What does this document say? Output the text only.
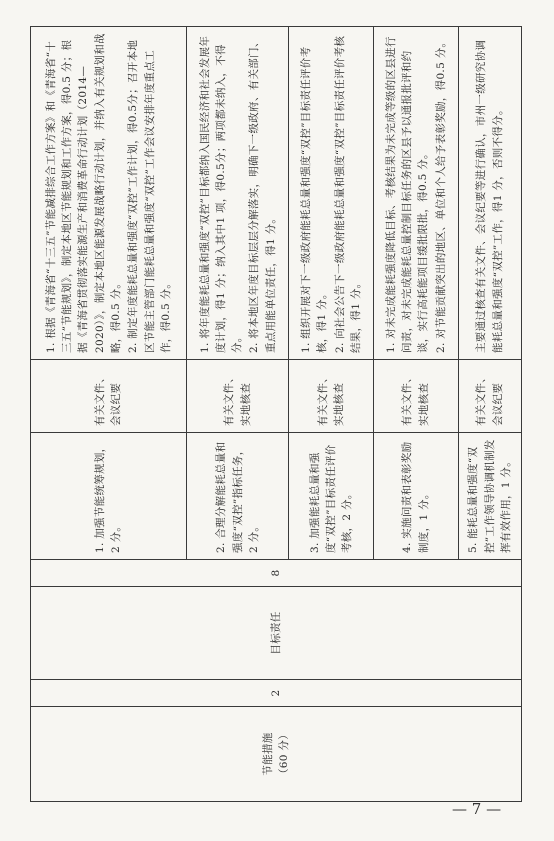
节能措施 （60 分）	2	目标责任	8	1. 加强节能统筹规划，2 分。	有关文件、会议纪要	1. 根据《青海省“十三五”节能减排综合工作方案》和《青海省“十三五”节能规划》，制定本地区节能规划和工作方案，得0.5 分；根据《青海省贯彻落实能源生产和消费革命行动计划（2014—2020）》，制定本地区能源发展战略行动计划，并纳入有关规划和战略，得0.5 分。 2. 制定年度能耗总量和强度“双控”工作计划，得0.5分；召开本地区节能主管部门能耗总量和强度“双控”工作会议安排年度重点工作，得0.5 分。

				2. 合理分解能耗总量和强度“双控”指标任务，2 分。	有关文件、实地核查	1. 将年度能耗总量和强度“双控”目标都纳入国民经济和社会发展年度计划，得1 分；纳入其中1 项，得0.5分；两项都未纳入，不得分。 2. 将本地区年度目标层层分解落实，明确下一级政府、有关部门、重点用能单位责任，得1 分。

				3. 加强能耗总量和强度“双控”目标责任评价考核，2 分。	有关文件、实地核查	1. 组织开展对下一级政府能耗总量和强度“双控”目标责任评价考核，得1 分。 2. 向社会公告下一级政府能耗总量和强度“双控”目标责任评价考核结果，得1 分。

				4. 实施问责和表彰奖励制度，1 分。	有关文件、实地核查	1. 对未完成能耗强度降低目标、考核结果为未完成等级的区县进行问责，对未完成能耗总量控制目标任务的区县予以通报批评和约谈，实行高耗能项目缓批限批，得0.5 分。 2. 对节能贡献突出的地区、单位和个人给予表彰奖励，得0.5 分。

				5. 能耗总量和强度“双控”工作领导协调机制发挥有效作用，1 分。	有关文件、会议纪要	主要通过核查有关文件、会议纪要等进行确认，市州一级研究协调能耗总量和强度“双控”工作，得1 分，否则不得分。
— 7 —
